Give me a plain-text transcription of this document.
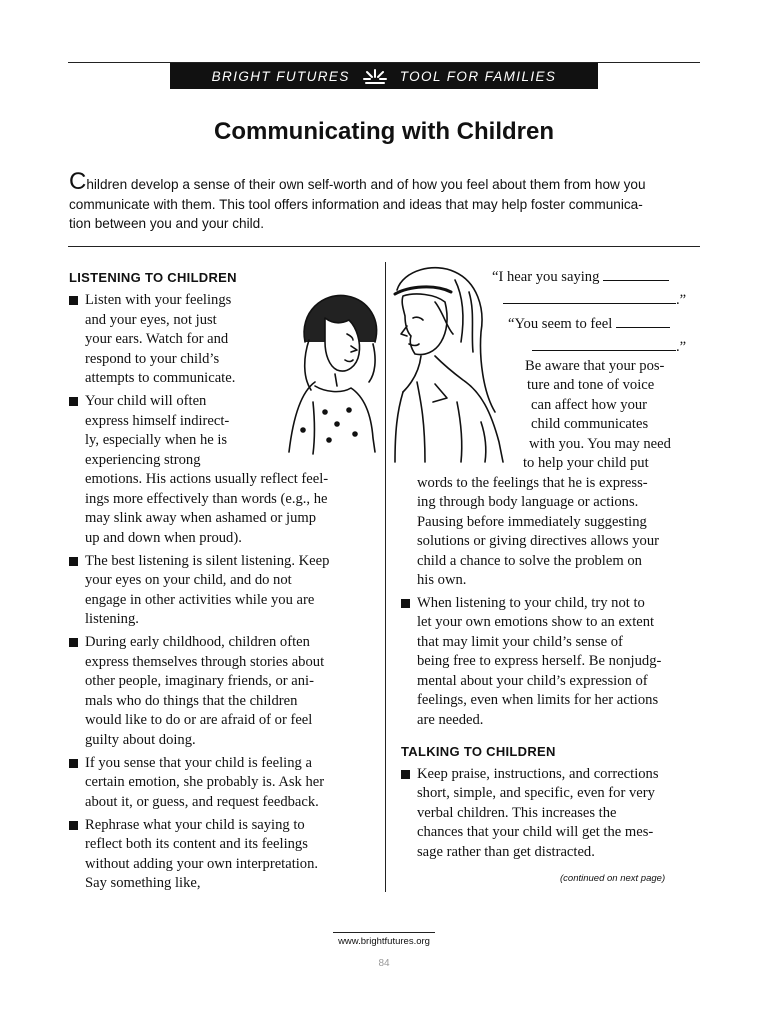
BRIGHT FUTURES	TOOL FOR FAMILIES
Communicating with Children

Children develop a sense of their own self-worth and of how you feel about them from how you
communicate with them. This tool offers information and ideas that may help foster communica-
tion between you and your child.

LISTENING TO CHILDREN

Listen with your feelings

and your eyes, not just

your ears. Watch for and

respond to your child’s

attempts to communicate.

Your child will often

express himself indirect-

ly, especially when he is

experiencing strong

emotions. His actions usually reflect feel-

ings more effectively than words (e.g., he

may slink away when ashamed or jump

up and down when proud).

The best listening is silent listening. Keep

your eyes on your child, and do not

engage in other activities while you are

listening.

During early childhood, children often

express themselves through stories about

other people, imaginary friends, or ani-

mals who do things that the children

would like to do or are afraid of or feel

guilty about doing.

If you sense that your child is feeling a

certain emotion, she probably is. Ask her

about it, or guess, and request feedback.

Rephrase what your child is saying to

reflect both its content and its feelings

without adding your own interpretation.

Say something like,

“I hear you saying

.”

“You seem to feel

.”

Be aware that your pos-

ture and tone of voice

can affect how your

child communicates

with you. You may need

to help your child put

words to the feelings that he is express-

ing through body language or actions.

Pausing before immediately suggesting

solutions or giving directives allows your

child a chance to solve the problem on

his own.

When listening to your child, try not to

let your own emotions show to an extent

that may limit your child’s sense of

being free to express herself. Be nonjudg-

mental about your child’s expression of

feelings, even when limits for her actions

are needed.

TALKING TO CHILDREN

Keep praise, instructions, and corrections

short, simple, and specific, even for very

verbal children. This increases the

chances that your child will get the mes-

sage rather than get distracted.

(continued on next page)

www.brightfutures.org

84
